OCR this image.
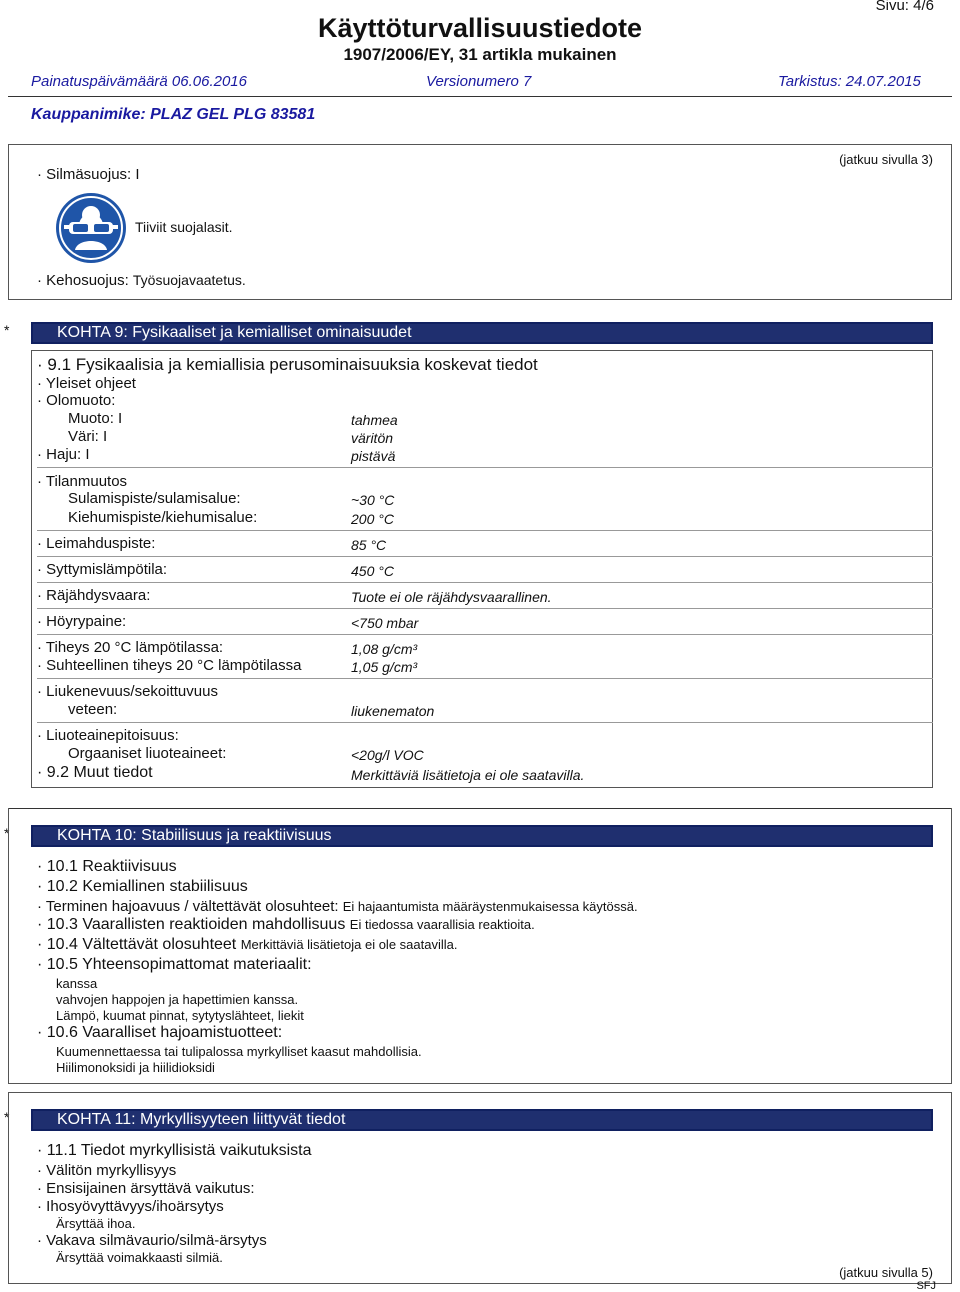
Sivu: 4/6
Käyttöturvallisuustiedote
1907/2006/EY, 31 artikla mukainen
Painatuspäivämäärä 06.06.2016	Versionumero 7	Tarkistus: 24.07.2015
Kauppanimike: PLAZ GEL PLG 83581
(jatkuu sivulla 3)
· Silmäsuojus: I
Tiiviit suojalasit.
· Kehosuojus: Työsuojavaatetus.
*	KOHTA 9: Fysikaaliset ja kemialliset ominaisuudet
· 9.1 Fysikaalisia ja kemiallisia perusominaisuuksia koskevat tiedot
· Yleiset ohjeet
· Olomuoto:
Muoto: I	tahmea
Väri: I	väritön
· Haju: I	pistävä
· Tilanmuutos
Sulamispiste/sulamisalue:	~30 °C
Kiehumispiste/kiehumisalue:	200 °C
· Leimahduspiste:	85 °C
· Syttymislämpötila:	450 °C
· Räjähdysvaara:	Tuote ei ole räjähdysvaarallinen.
· Höyrypaine:	<750 mbar
· Tiheys 20 °C lämpötilassa:	1,08 g/cm³
· Suhteellinen tiheys 20 °C lämpötilassa	1,05 g/cm³
· Liukenevuus/sekoittuvuus
veteen:	liukenematon
· Liuoteainepitoisuus:
Orgaaniset liuoteaineet:	<20g/l VOC
· 9.2 Muut tiedot	Merkittäviä lisätietoja ei ole saatavilla.
*	KOHTA 10: Stabiilisuus ja reaktiivisuus
· 10.1 Reaktiivisuus
· 10.2 Kemiallinen stabiilisuus
· Terminen hajoavuus / vältettävät olosuhteet: Ei hajaantumista määräystenmukaisessa käytössä.
· 10.3 Vaarallisten reaktioiden mahdollisuus Ei tiedossa vaarallisia reaktioita.
· 10.4 Vältettävät olosuhteet Merkittäviä lisätietoja ei ole saatavilla.
· 10.5 Yhteensopimattomat materiaalit:
kanssa
vahvojen happojen ja hapettimien kanssa.
Lämpö, kuumat pinnat, sytytyslähteet, liekit
· 10.6 Vaaralliset hajoamistuotteet:
Kuumennettaessa tai tulipalossa myrkylliset kaasut mahdollisia.
Hiilimonoksidi ja hiilidioksidi
*	KOHTA 11: Myrkyllisyyteen liittyvät tiedot
· 11.1 Tiedot myrkyllisistä vaikutuksista
· Välitön myrkyllisyys
· Ensisijainen ärsyttävä vaikutus:
· Ihosyövyttävyys/ihoärsytys
Ärsyttää ihoa.
· Vakava silmävaurio/silmä-ärsytys
Ärsyttää voimakkaasti silmiä.
(jatkuu sivulla 5)
SFJ
